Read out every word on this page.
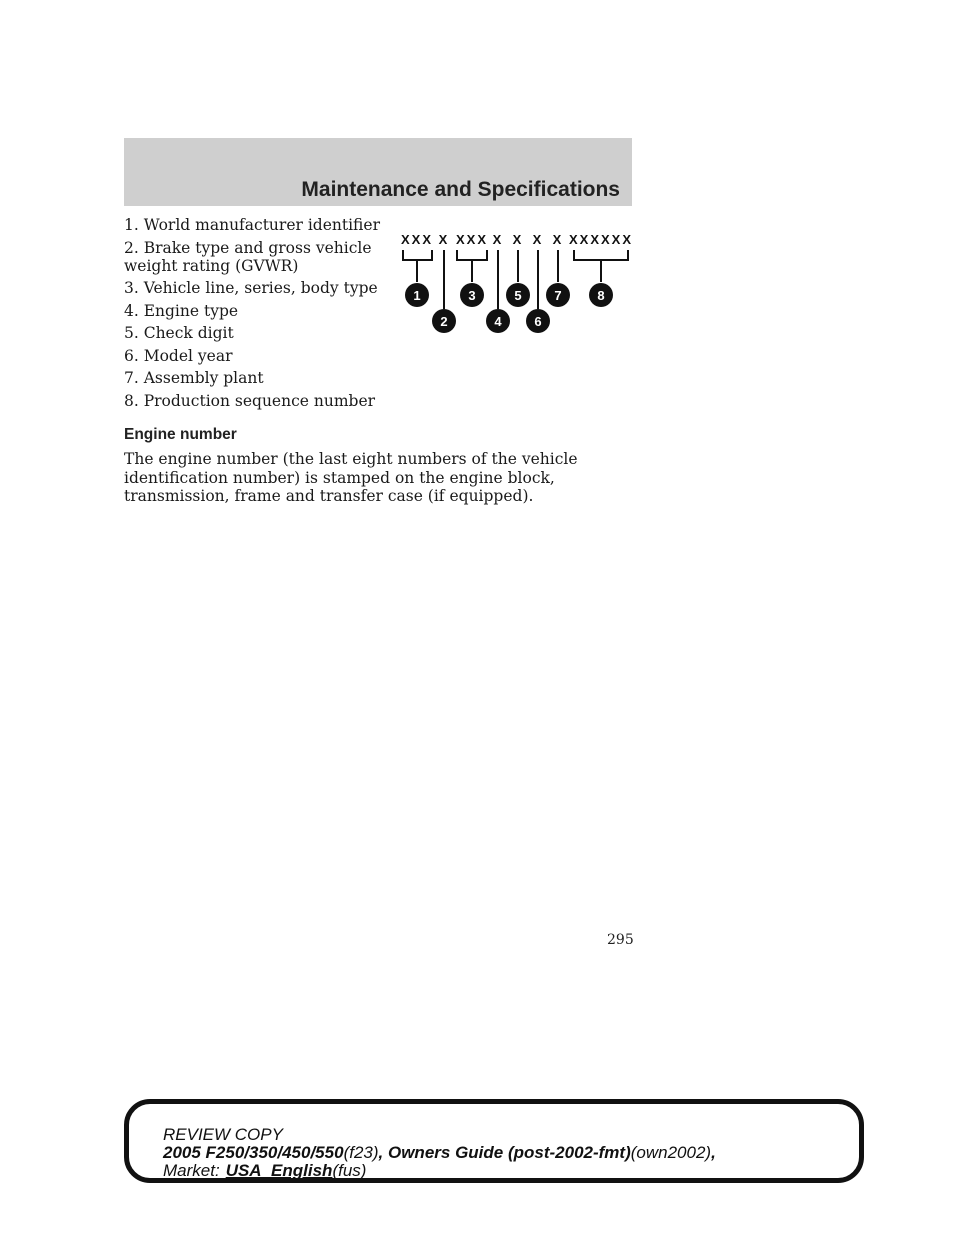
Maintenance and Specifications
1. World manufacturer identifier
2. Brake type and gross vehicle weight rating (GVWR)
3. Vehicle line, series, body type
4. Engine type
5. Check digit
6. Model year
7. Assembly plant
8. Production sequence number
XXX X XXX X X X X XXXXXX
1
2
3
4
5
6
7	8
Engine number

The engine number (the last eight numbers of the vehicle identification number) is stamped on the engine block, transmission, frame and transfer case (if equipped).

295
REVIEW COPY
2005 F250/350/450/550(f23), Owners Guide (post-2002-fmt)(own2002),
Market: USA_English(fus)
